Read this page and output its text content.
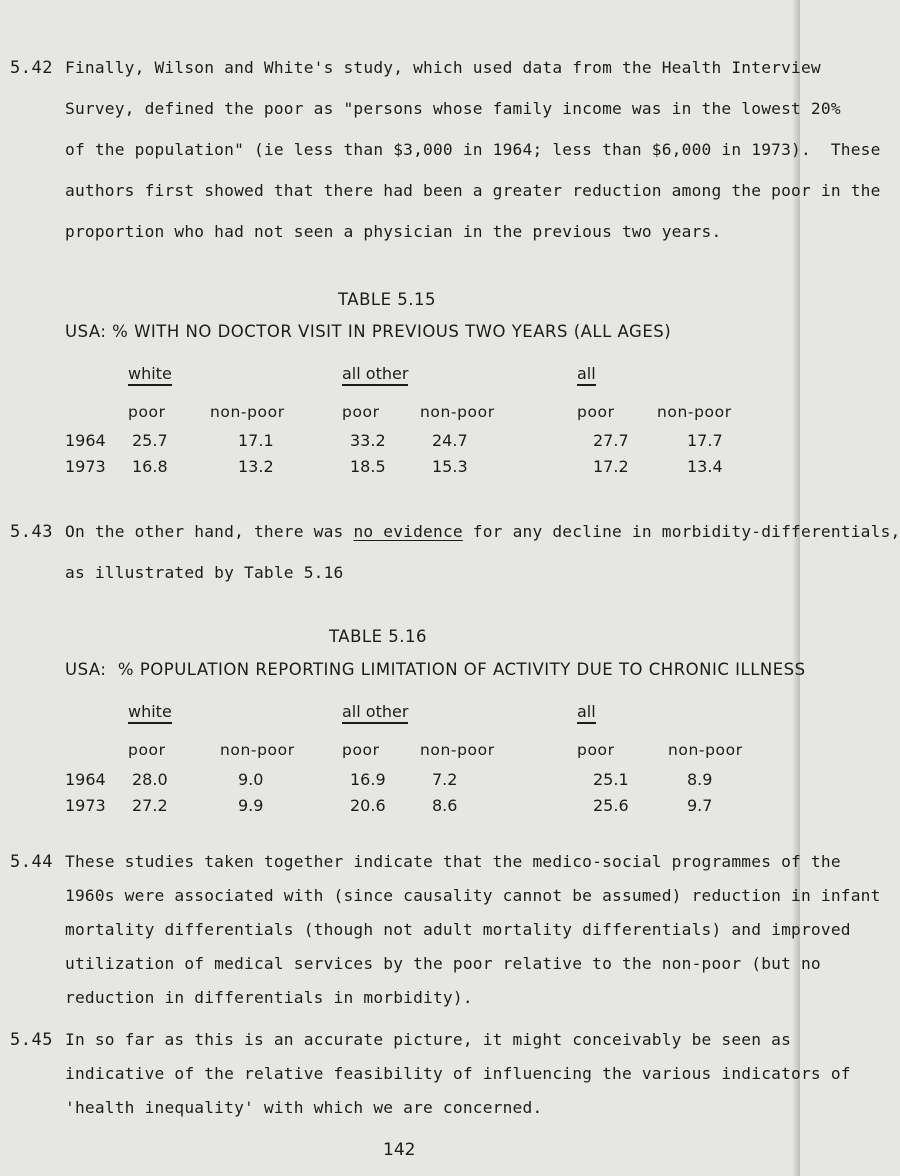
5.42 Finally, Wilson and White's study, which used data from the Health Interview
Survey, defined the poor as "persons whose family income was in the lowest 20%
of the population" (ie less than $3,000 in 1964; less than $6,000 in 1973).  These
authors first showed that there had been a greater reduction among the poor in the
proportion who had not seen a physician in the previous two years.
TABLE 5.15
USA: % WITH NO DOCTOR VISIT IN PREVIOUS TWO YEARS (ALL AGES)
white	all other	all
poor	non-poor	poor	non-poor	poor	non-poor
1964 25.7	17.1	33.2	24.7	27.7	17.7
1973 16.8	13.2	18.5	15.3	17.2	13.4
5.43 On the other hand, there was no evidence for any decline in morbidity-differentials,
as illustrated by Table 5.16
TABLE 5.16
USA:  % POPULATION REPORTING LIMITATION OF ACTIVITY DUE TO CHRONIC ILLNESS
white	all other	all
poor	non-poor	poor	non-poor	poor	non-poor
1964 28.0	9.0	16.9	7.2	25.1	8.9
1973 27.2	9.9	20.6	8.6	25.6	9.7
5.44 These studies taken together indicate that the medico-social programmes of the
1960s were associated with (since causality cannot be assumed) reduction in infant
mortality differentials (though not adult mortality differentials) and improved
utilization of medical services by the poor relative to the non-poor (but no
reduction in differentials in morbidity).
5.45 In so far as this is an accurate picture, it might conceivably be seen as
indicative of the relative feasibility of influencing the various indicators of
'health inequality' with which we are concerned.
142
